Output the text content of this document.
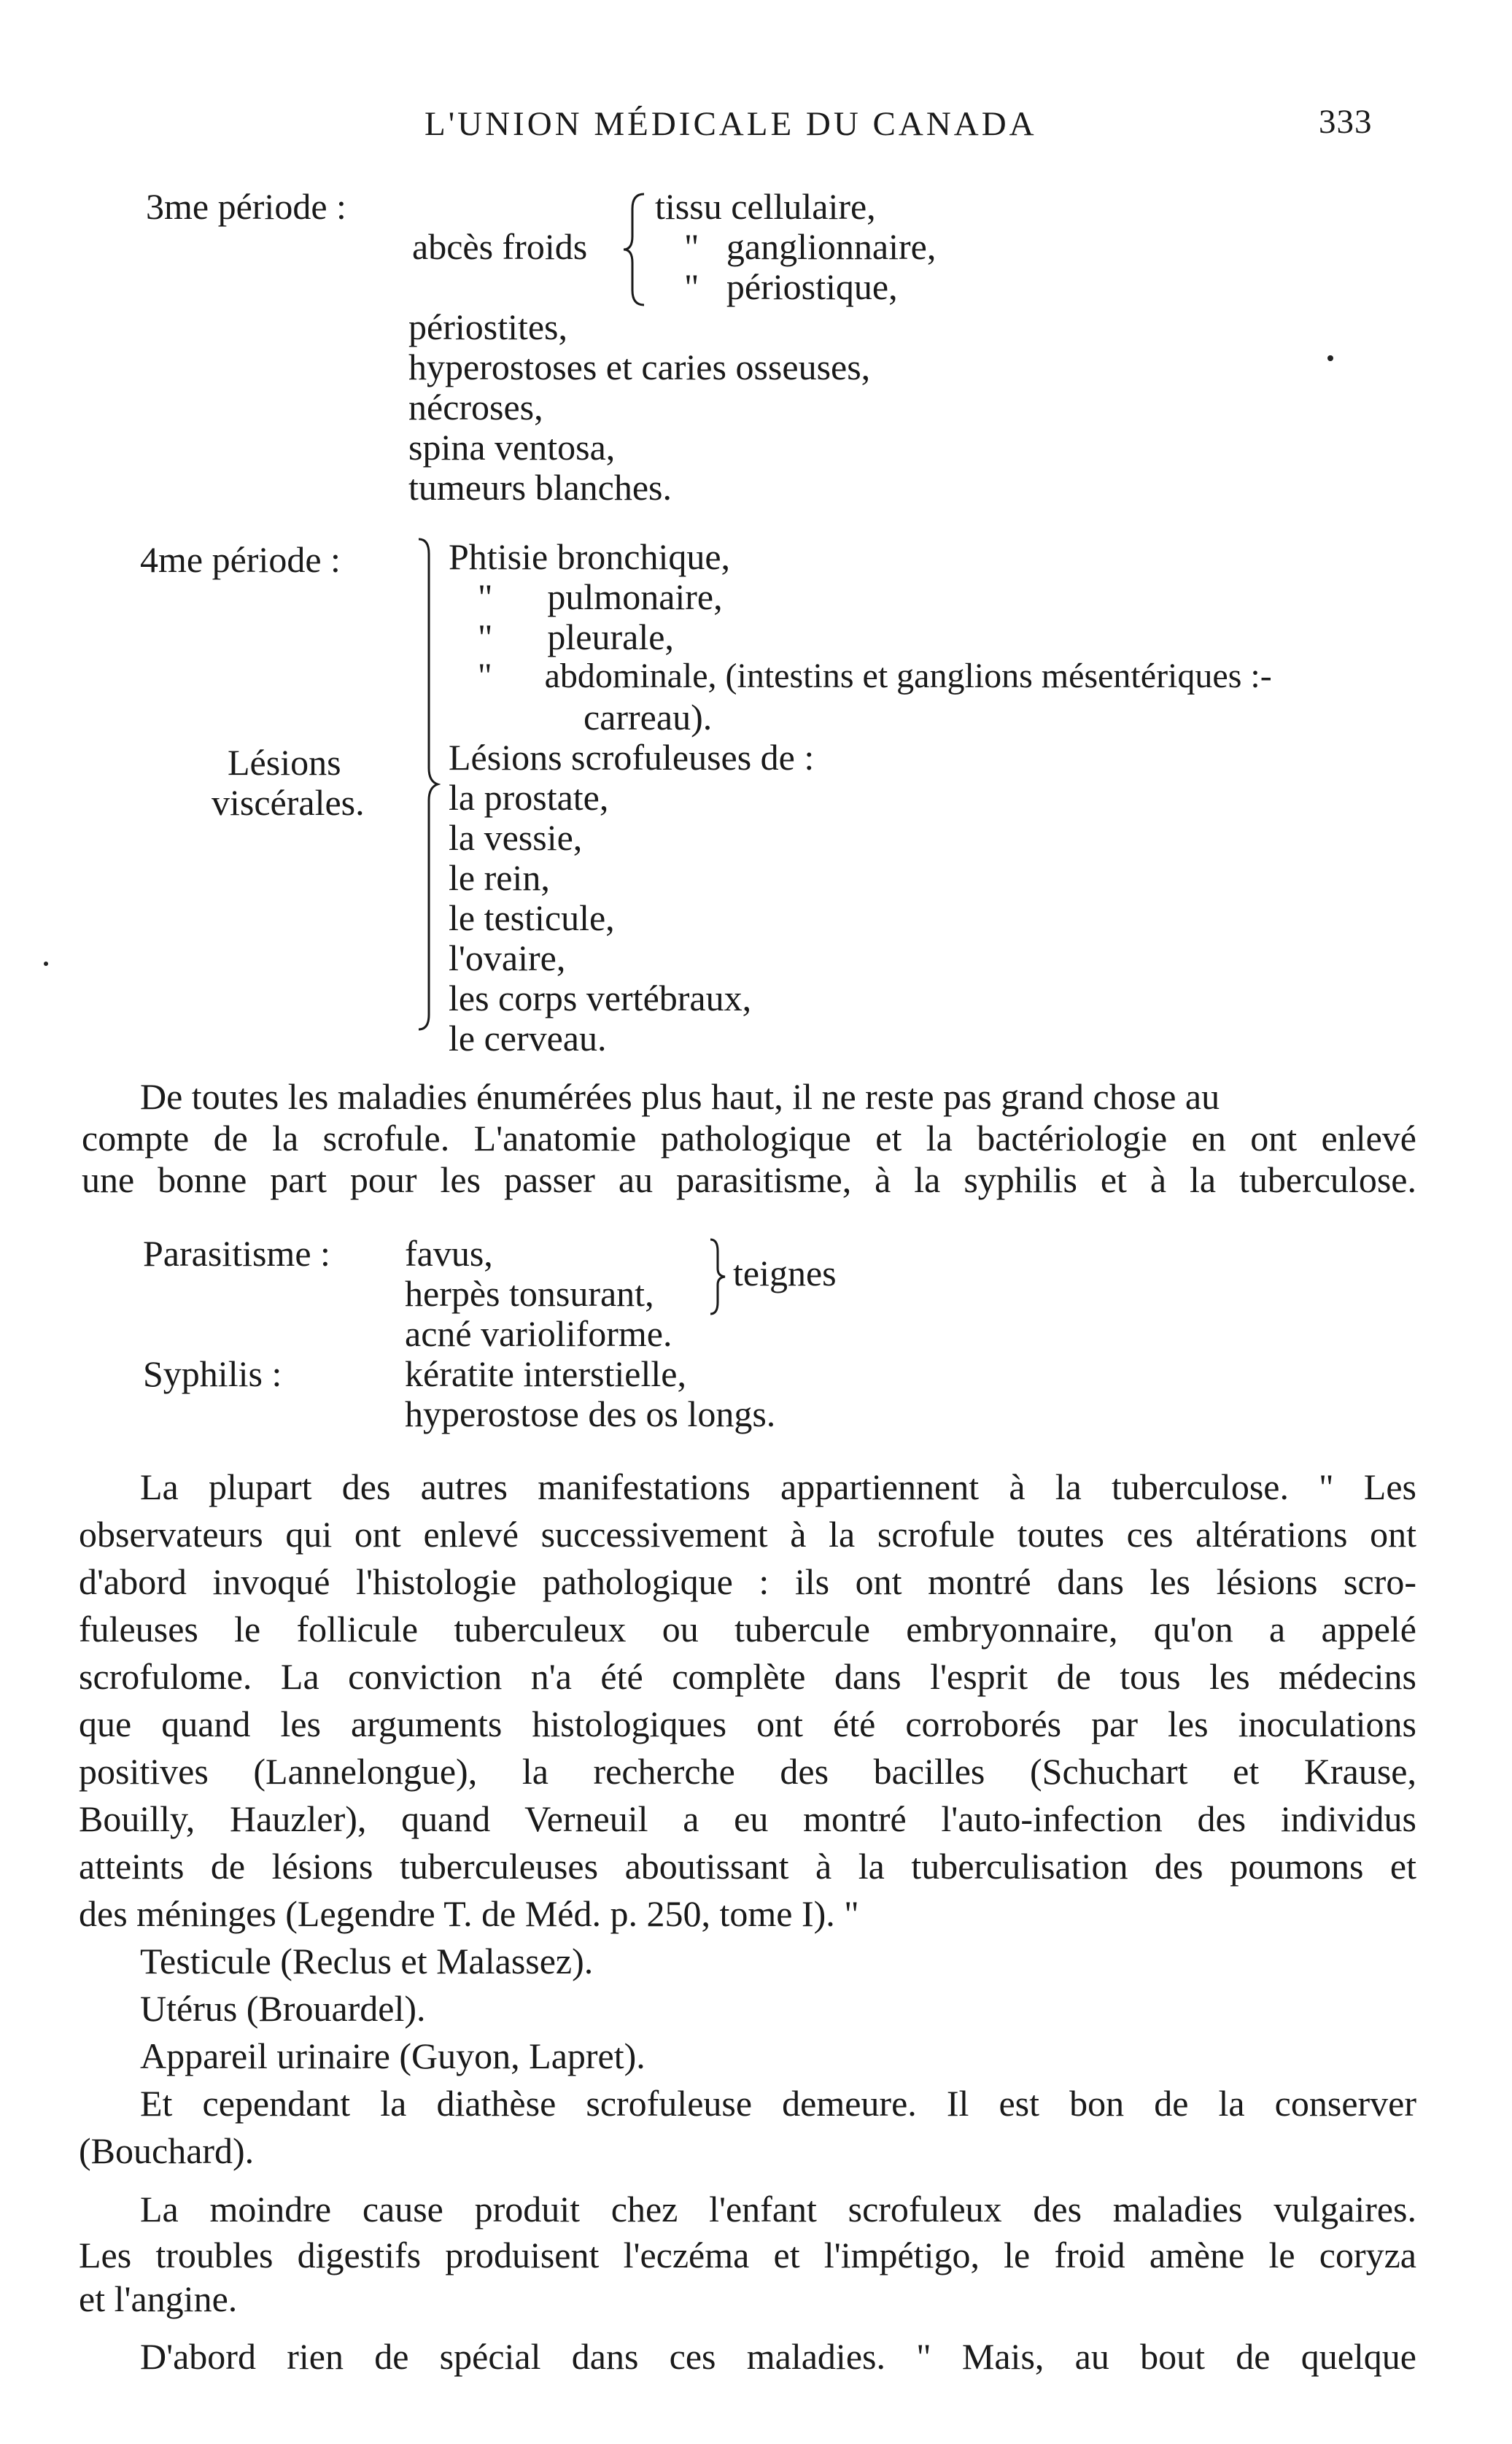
L'UNION MÉDICALE DU CANADA	333
3me période :
abcès froids
tissu cellulaire,
"   ganglionnaire,
"   périostique,
périostites,
hyperostoses et caries osseuses,
nécroses,
spina ventosa,
tumeurs blanches.
4me période :
Lésions
viscérales.
Phtisie bronchique,
"      pulmonaire,
"      pleurale,
"      abdominale, (intestins et ganglions mésentériques :-
carreau).
Lésions scrofuleuses de :
la prostate,
la vessie,
le rein,
le testicule,
l'ovaire,
les corps vertébraux,
le cerveau.
De toutes les maladies énumérées plus haut, il ne reste pas grand chose au
compte de la scrofule. L'anatomie pathologique et la bactériologie en ont enlevé
une bonne part pour les passer au parasitisme, à la syphilis et à la tuberculose.
Parasitisme : favus,
herpès tonsurant,
acné varioliforme.
teignes
Syphilis :	kératite interstielle,
hyperostose des os longs.
La plupart des autres manifestations appartiennent à la tuberculose. " Les
observateurs qui ont enlevé successivement à la scrofule toutes ces altérations ont
d'abord invoqué l'histologie pathologique : ils ont montré dans les lésions scro-
fuleuses le follicule tuberculeux ou tubercule embryonnaire, qu'on a appelé
scrofulome. La conviction n'a été complète dans l'esprit de tous les médecins
que quand les arguments histologiques ont été corroborés par les inoculations
positives (Lannelongue), la recherche des bacilles (Schuchart et Krause,
Bouilly, Hauzler), quand Verneuil a eu montré l'auto-infection des individus
atteints de lésions tuberculeuses aboutissant à la tuberculisation des poumons et
des méninges (Legendre T. de Méd. p. 250, tome I). "
Testicule (Reclus et Malassez).
Utérus (Brouardel).
Appareil urinaire (Guyon, Lapret).
Et cependant la diathèse scrofuleuse demeure. Il est bon de la conserver
(Bouchard).
La moindre cause produit chez l'enfant scrofuleux des maladies vulgaires.
Les troubles digestifs produisent l'eczéma et l'impétigo, le froid amène le coryza
et l'angine.
D'abord rien de spécial dans ces maladies. " Mais, au bout de quelque
